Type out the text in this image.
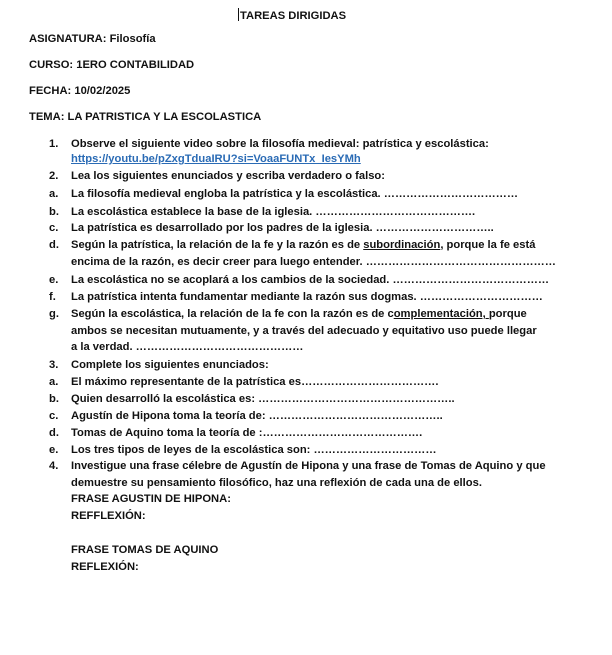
TAREAS DIRIGIDAS
ASIGNATURA: Filosofía
CURSO: 1ERO CONTABILIDAD
FECHA: 10/02/2025
TEMA: LA PATRISTICA Y LA ESCOLASTICA
1. Observe el siguiente video sobre la filosofía medieval: patrística y escolástica:
https://youtu.be/pZxgTduaIRU?si=VoaaFUNTx_IesYMh
2. Lea los siguientes enunciados y escriba verdadero o falso:
a. La filosofía medieval engloba la patrística y la escolástica. ………………………………
b. La escolástica establece la base de la iglesia. …………………………………….
c. La patrística es desarrollado por los padres de la iglesia. …………………………..
d. Según la patrística, la relación de la fe y la razón es de subordinación, porque la fe está
encima de la razón, es decir creer para luego entender. ……………………………………………
e. La escolástica no se acoplará a los cambios de la sociedad. ……………………………………
f. La patrística intenta fundamentar mediante la razón sus dogmas. ……………………………
g. Según la escolástica, la relación de la fe con la razón es de complementación, porque
ambos se necesitan mutuamente, y a través del adecuado y equitativo uso puede llegar
a la verdad. ………………………………………
3. Complete los siguientes enunciados:
a. El máximo representante de la patrística es……………………………….
b. Quien desarrolló la escolástica es: ……………………………………………..
c. Agustín de Hipona toma la teoría de: ………………………………………..
d. Tomas de Aquino toma la teoría de :…………………………………….
e. Los tres tipos de leyes de la escolástica son: ……………………………
4. Investigue una frase célebre de Agustín de Hipona y una frase de Tomas de Aquino y que
demuestre su pensamiento filosófico, haz una reflexión de cada una de ellos.
FRASE AGUSTIN DE HIPONA:
REFFLEXIÓN:
FRASE TOMAS DE AQUINO
REFLEXIÓN:
